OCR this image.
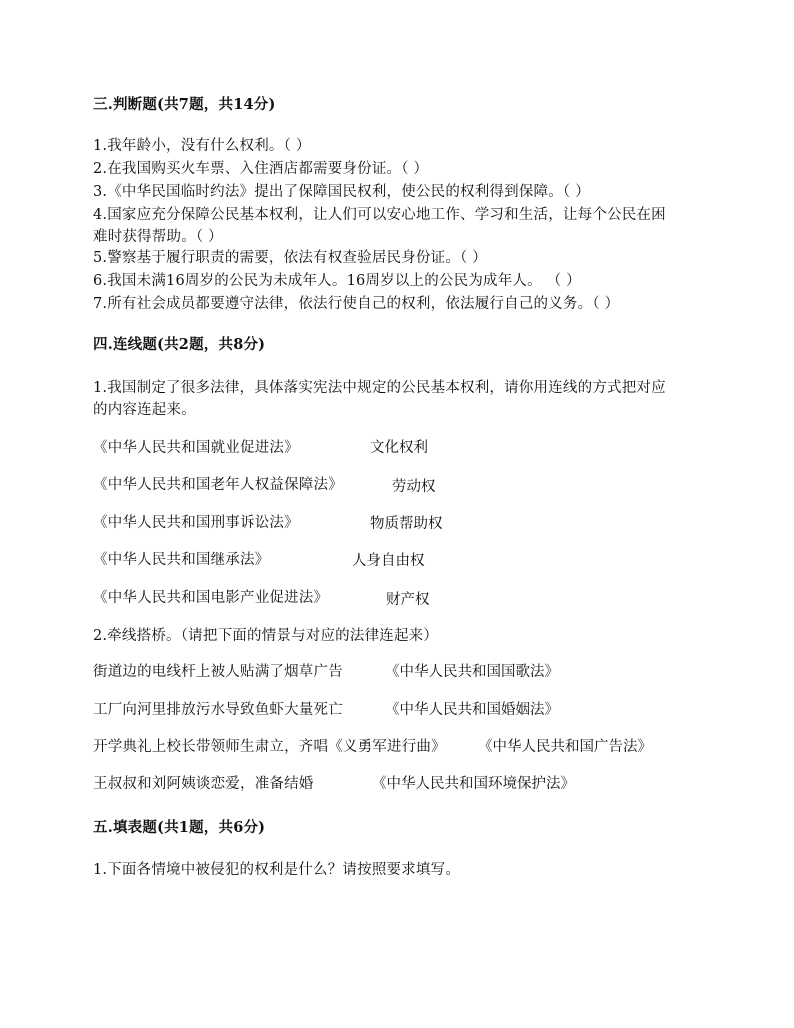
三.判断题(共7题，共14分)
1.我年龄小，没有什么权利。（ ）
2.在我国购买火车票、入住酒店都需要身份证。（ ）
3.《中华民国临时约法》提出了保障国民权利，使公民的权利得到保障。（ ）
4.国家应充分保障公民基本权利，让人们可以安心地工作、学习和生活，让每个公民在困
难时获得帮助。（ ）
5.警察基于履行职责的需要，依法有权查验居民身份证。（ ）
6.我国未满16周岁的公民为未成年人。16周岁以上的公民为成年人。 （ ）
7.所有社会成员都要遵守法律，依法行使自己的权利，依法履行自己的义务。（ ）
四.连线题(共2题，共8分)
1.我国制定了很多法律，具体落实宪法中规定的公民基本权利，请你用连线的方式把对应
的内容连起来。
《中华人民共和国就业促进法》	文化权利
《中华人民共和国老年人权益保障法》	劳动权
《中华人民共和国刑事诉讼法》	物质帮助权
《中华人民共和国继承法》	人身自由权
《中华人民共和国电影产业促进法》	财产权
2.牵线搭桥。（请把下面的情景与对应的法律连起来）
街道边的电线杆上被人贴满了烟草广告	《中华人民共和国国歌法》
工厂向河里排放污水导致鱼虾大量死亡	《中华人民共和国婚姻法》
开学典礼上校长带领师生肃立，齐唱《义勇军进行曲》 《中华人民共和国广告法》
王叔叔和刘阿姨谈恋爱，准备结婚	《中华人民共和国环境保护法》
五.填表题(共1题，共6分)
1.下面各情境中被侵犯的权利是什么？请按照要求填写。
